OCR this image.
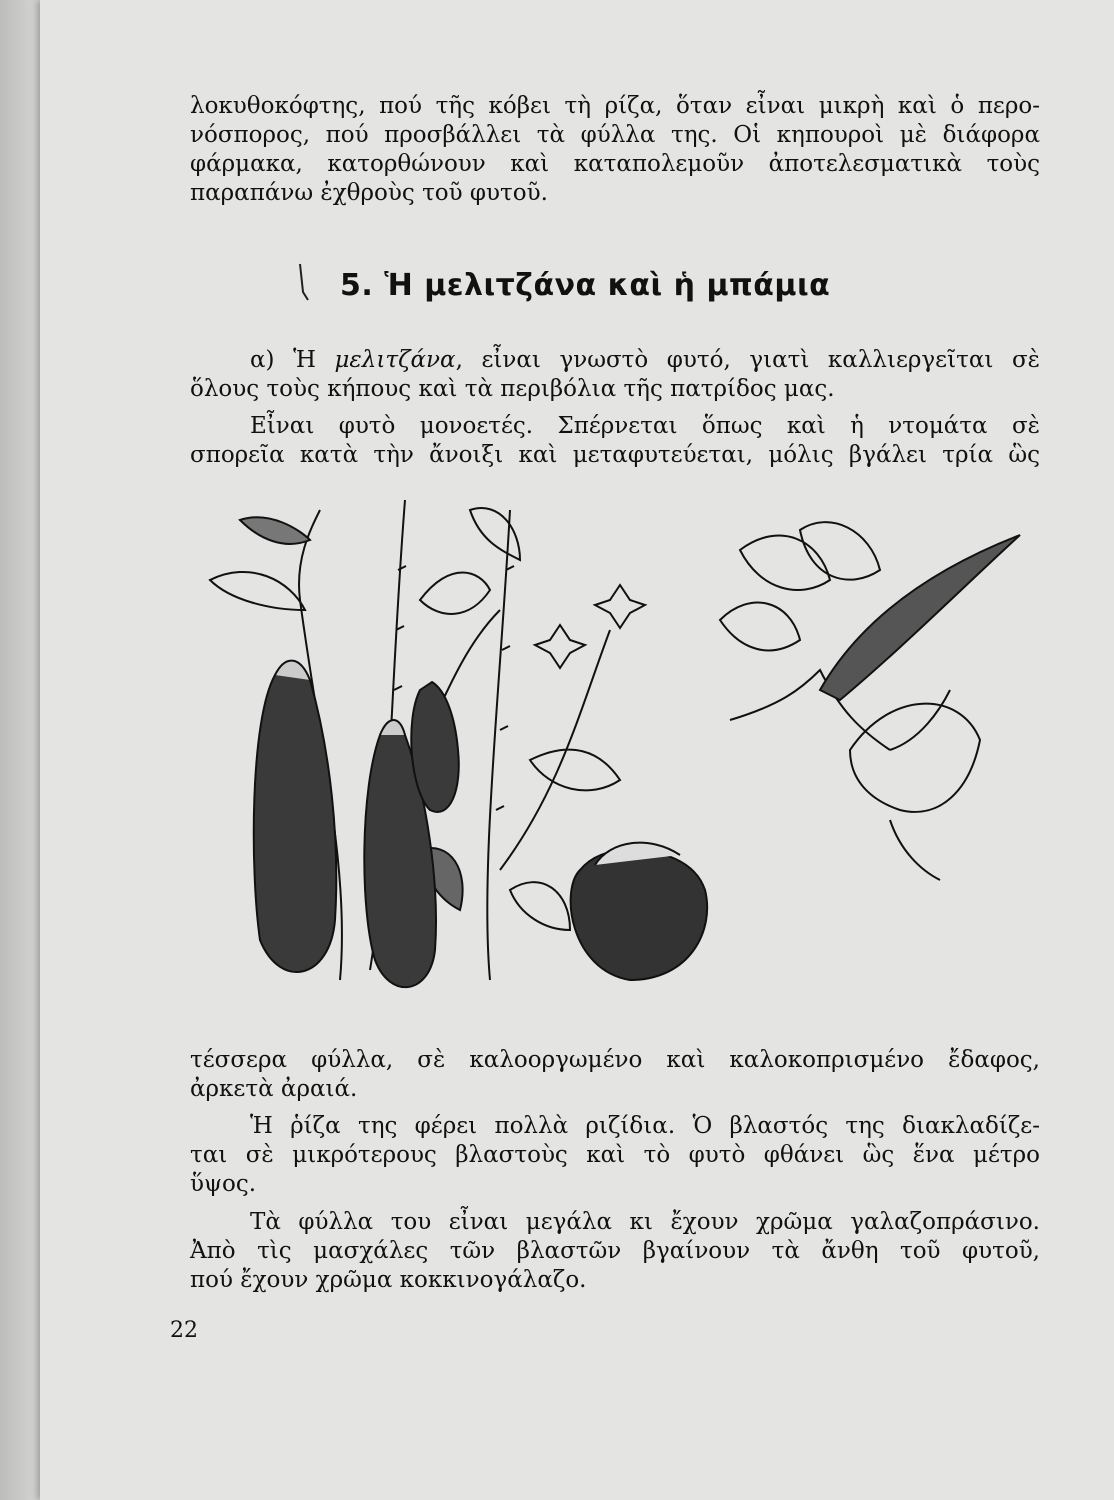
λοκυθοκόφτης, πού τῆς κόβει τὴ ρίζα, ὅταν εἶναι μικρὴ καὶ ὁ περο-
νόσπορος, πού προσβάλλει τὰ φύλλα της. Οἱ κηπουροὶ μὲ διάφορα
φάρμακα, κατορθώνουν καὶ καταπολεμοῦν ἀποτελεσματικὰ τοὺς
παραπάνω ἐχθροὺς τοῦ φυτοῦ.

5. Ἡ μελιτζάνα καὶ ἡ μπάμια

α) Ἡ μελιτζάνα, εἶναι γνωστὸ φυτό, γιατὶ καλλιεργεῖται σὲ
ὅλους τοὺς κήπους καὶ τὰ περιβόλια τῆς πατρίδος μας.

Εἶναι φυτὸ μονοετές. Σπέρνεται ὅπως καὶ ἡ ντομάτα σὲ
σπορεῖα κατὰ τὴν ἄνοιξι καὶ μεταφυτεύεται, μόλις βγάλει τρία ὣς

τέσσερα φύλλα, σὲ καλοοργωμένο καὶ καλοκοπρισμένο ἔδαφος,
ἀρκετὰ ἀραιά.

Ἡ ῥίζα της φέρει πολλὰ ριζίδια. Ὁ βλαστός της διακλαδίζε-
ται σὲ μικρότερους βλαστοὺς καὶ τὸ φυτὸ φθάνει ὣς ἕνα μέτρο
ὕψος.

Τὰ φύλλα του εἶναι μεγάλα κι ἔχουν χρῶμα γαλαζοπράσινο.
Ἀπὸ τὶς μασχάλες τῶν βλαστῶν βγαίνουν τὰ ἄνθη τοῦ φυτοῦ,
πού ἔχουν χρῶμα κοκκινογάλαζο.

22
